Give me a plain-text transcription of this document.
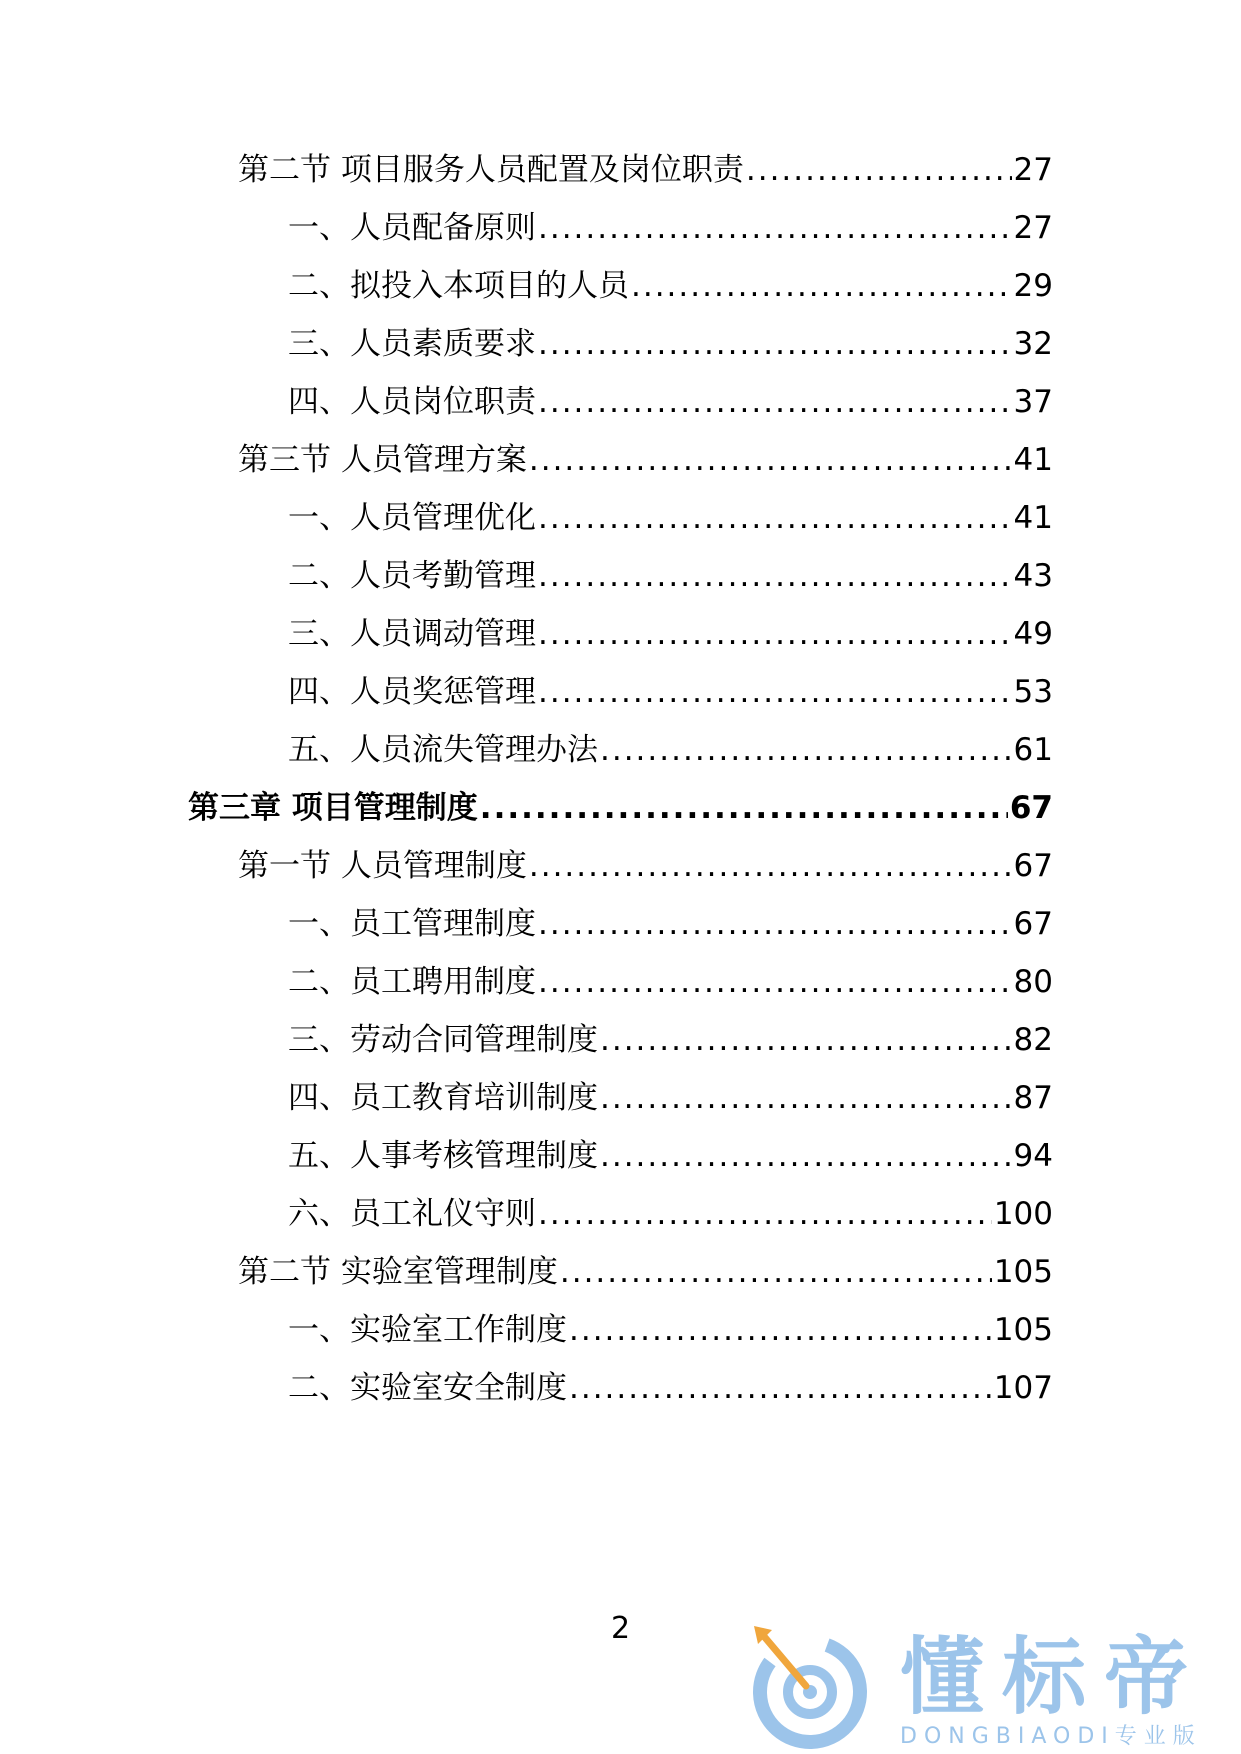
第二节 项目服务人员配置及岗位职责 .....	27
一、人员配备原则 .....	27
二、拟投入本项目的人员 .....	29
三、人员素质要求 .....	32
四、人员岗位职责 .....	37
第三节 人员管理方案 .....	41
一、人员管理优化 .....	41
二、人员考勤管理 .....	43
三、人员调动管理 .....	49
四、人员奖惩管理 .....	53
五、人员流失管理办法 .....	61
第三章 项目管理制度 .....	67
第一节 人员管理制度 .....	67
一、员工管理制度 .....	67
二、员工聘用制度 .....	80
三、劳动合同管理制度 .....	82
四、员工教育培训制度 .....	87
五、人事考核管理制度 .....	94
六、员工礼仪守则 .....	100
第二节 实验室管理制度 .....	105
一、实验室工作制度 .....	105
二、实验室安全制度 .....	107
2	懂标帝
DONGBIAODI专业版
